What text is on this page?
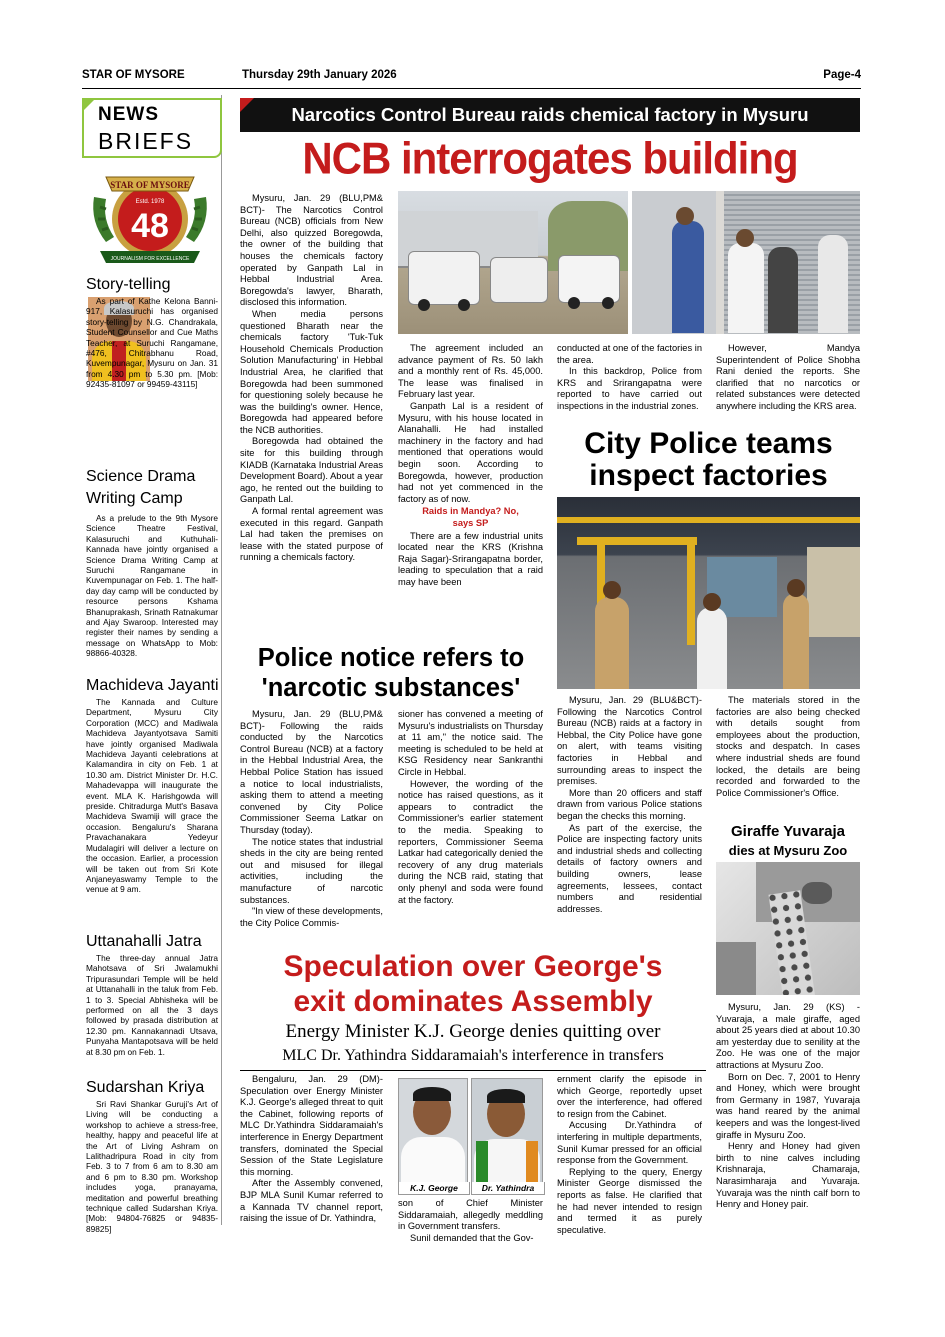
STAR OF MYSORE	Thursday 29th January 2026	Page-4
NEWS
BRIEFS
STAR OF MYSORE
Estd. 1978
48
JOURNALISM FOR EXCELLENCE
Story-telling
As part of Kathe Kelona Banni-917, Kalasuruchi has organised story-telling by N.G. Chandrakala, Student Counsellor and Cue Maths Teacher, at Suruchi Rangamane, #476, Chitrabhanu Road, Kuvempunagar, Mysuru on Jan. 31 from 4.30 pm to 5.30 pm. [Mob: 92435-81097 or 99459-43115]
Science Drama Writing Camp
As a prelude to the 9th Mysore Science Theatre Festival, Kalasuruchi and Kuthuhali-Kannada have jointly organised a Science Drama Writing Camp at Suruchi Rangamane in Kuvempunagar on Feb. 1. The half-day day camp will be conducted by resource persons Kshama Bhanuprakash, Srinath Ratnakumar and Ajay Swaroop. Interested may register their names by sending a message on WhatsApp to Mob: 98866-40328.
Machideva Jayanti
The Kannada and Culture Department, Mysuru City Corporation (MCC) and Madiwala Machideva Jayantyotsava Samiti have jointly organised Madiwala Machideva Jayanti celebrations at Kalamandira in city on Feb. 1 at 10.30 am. District Minister Dr. H.C. Mahadevappa will inaugurate the event. MLA K. Harishgowda will preside. Chitradurga Mutt's Basava Machideva Swamiji will grace the occasion. Bengaluru's Sharana Pravachanakara Yedeyur Mudalagiri will deliver a lecture on the occasion. Earlier, a procession will be taken out from Sri Kote Anjaneyaswamy Temple to the venue at 9 am.
Uttanahalli Jatra
The three-day annual Jatra Mahotsava of Sri Jwalamukhi Tripurasundari Temple will be held at Uttanahalli in the taluk from Feb. 1 to 3. Special Abhisheka will be performed on all the 3 days followed by prasada distribution at 12.30 pm. Kannakannadi Utsava, Punyaha Mantapotsava will be held at 8.30 pm on Feb. 1.
Sudarshan Kriya
Sri Ravi Shankar Guruji's Art of Living will be conducting a workshop to achieve a stress-free, healthy, happy and peaceful life at the Art of Living Ashram on Lalithadripura Road in city from Feb. 3 to 7 from 6 am to 8.30 am and 6 pm to 8.30 pm. Workshop includes yoga, pranayama, meditation and powerful breathing technique called Sudarshan Kriya. [Mob: 94804-76825 or 94835-89825]
Narcotics Control Bureau raids chemical factory in Mysuru
NCB interrogates building

Mysuru, Jan. 29 (BLU,PM& BCT)- The Narcotics Control Bureau (NCB) officials from New Delhi, also quizzed Boregowda, the owner of the building that houses the chemicals factory operated by Ganpath Lal in Hebbal Industrial Area. Boregowda's lawyer, Bharath, disclosed this information.

When media persons questioned Bharath near the chemicals factory 'Tuk-Tuk Household Chemicals Production Solution Manufacturing' in Hebbal Industrial Area, he clarified that Boregowda had been summoned for questioning solely because he was the building's owner. Hence, Boregowda had appeared before the NCB authorities.

Boregowda had obtained the site for this building through KIADB (Karnataka Industrial Areas Development Board). About a year ago, he rented out the building to Ganpath Lal.

A formal rental agreement was executed in this regard. Ganpath Lal had taken the premises on lease with the stated purpose of running a chemicals factory.

The agreement included an advance payment of Rs. 50 lakh and a monthly rent of Rs. 45,000. The lease was finalised in February last year.

Ganpath Lal is a resident of Mysuru, with his house located in Alanahalli. He had installed machinery in the factory and had mentioned that operations would begin soon. According to Boregowda, however, production had not yet commenced in the factory as of now.

Raids in Mandya? No, says SP

There are a few industrial units located near the KRS (Krishna Raja Sagar)-Srirangapatna border, leading to speculation that a raid may have been

conducted at one of the factories in the area.

In this backdrop, Police from KRS and Srirangapatna were reported to have carried out inspections in the industrial zones.

However, Mandya Superintendent of Police Shobha Rani denied the reports. She clarified that no narcotics or related substances were detected anywhere including the KRS area.

City Police teams inspect factories

Mysuru, Jan. 29 (BLU&BCT)- Following the Narcotics Control Bureau (NCB) raids at a factory in Hebbal, the City Police have gone on alert, with teams visiting factories in Hebbal and surrounding areas to inspect the premises.

More than 20 officers and staff drawn from various Police stations began the checks this morning.

As part of the exercise, the Police are inspecting factory units and industrial sheds and collecting details of factory owners and building owners, lease agreements, lessees, contact numbers and residential addresses.

The materials stored in the factories are also being checked with details sought from employees about the production, stocks and despatch. In cases where industrial sheds are found locked, the details are being recorded and forwarded to the Police Commissioner's Office.

Police notice refers to 'narcotic substances'

Mysuru, Jan. 29 (BLU,PM& BCT)- Following the raids conducted by the Narcotics Control Bureau (NCB) at a factory in the Hebbal Industrial Area, the Hebbal Police Station has issued a notice to local industrialists, asking them to attend a meeting convened by City Police Commissioner Seema Latkar on Thursday (today).

The notice states that industrial sheds in the city are being rented out and misused for illegal activities, including the manufacture of narcotic substances.

"In view of these developments, the City Police Commis-

sioner has convened a meeting of Mysuru's industrialists on Thursday at 11 am," the notice said. The meeting is scheduled to be held at KSG Residency near Sankranthi Circle in Hebbal.

However, the wording of the notice has raised questions, as it appears to contradict the Commissioner's earlier statement to the media. Speaking to reporters, Commissioner Seema Latkar had categorically denied the recovery of any drug materials during the NCB raid, stating that only phenyl and soda were found at the factory.

Giraffe Yuvaraja
dies at Mysuru Zoo

Mysuru, Jan. 29 (KS) - Yuvaraja, a male giraffe, aged about 25 years died at about 10.30 am yesterday due to senility at the Zoo. He was one of the major attractions at Mysuru Zoo.

Born on Dec. 7, 2001 to Henry and Honey, which were brought from Germany in 1987, Yuvaraja was hand reared by the animal keepers and was the longest-lived giraffe in Mysuru Zoo.

Henry and Honey had given birth to nine calves including Krishnaraja, Chamaraja, Narasimharaja and Yuvaraja. Yuvaraja was the ninth calf born to Henry and Honey pair.

Speculation over George's
exit dominates Assembly
Energy Minister K.J. George denies quitting over
MLC Dr. Yathindra Siddaramaiah's interference in transfers

Bengaluru, Jan. 29 (DM)- Speculation over Energy Minister K.J. George's alleged threat to quit the Cabinet, following reports of MLC Dr.Yathindra Siddaramaiah's interference in Energy Department transfers, dominated the Special Session of the State Legislature this morning.

After the Assembly convened, BJP MLA Sunil Kumar referred to a Kannada TV channel report, raising the issue of Dr. Yathindra,

K.J. George	Dr. Yathindra

son of Chief Minister Siddaramaiah, allegedly meddling in Government transfers.

Sunil demanded that the Gov-

ernment clarify the episode in which George, reportedly upset over the interference, had offered to resign from the Cabinet.

Accusing Dr.Yathindra of interfering in multiple departments, Sunil Kumar pressed for an official response from the Government.

Replying to the query, Energy Minister George dismissed the reports as false. He clarified that he had never intended to resign and termed it as purely speculative.
